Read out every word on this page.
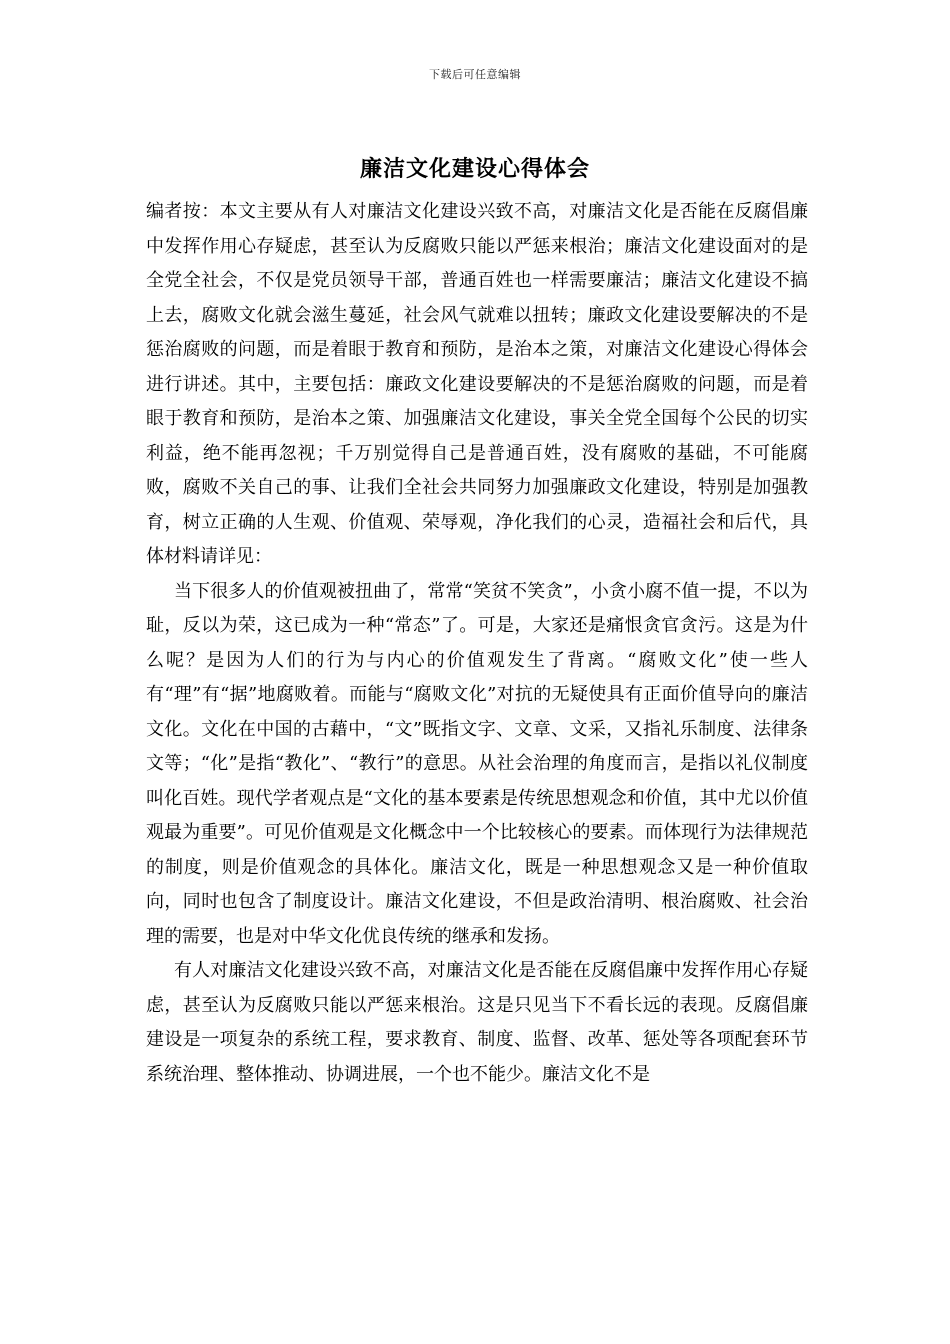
下载后可任意编辑
廉洁文化建设心得体会

编者按：本文主要从有人对廉洁文化建设兴致不高，对廉洁文化是否能在反腐倡廉中发挥作用心存疑虑，甚至认为反腐败只能以严惩来根治；廉洁文化建设面对的是全党全社会，不仅是党员领导干部，普通百姓也一样需要廉洁；廉洁文化建设不搞上去，腐败文化就会滋生蔓延，社会风气就难以扭转；廉政文化建设要解决的不是惩治腐败的问题，而是着眼于教育和预防，是治本之策，对廉洁文化建设心得体会进行讲述。其中，主要包括：廉政文化建设要解决的不是惩治腐败的问题，而是着眼于教育和预防，是治本之策、加强廉洁文化建设，事关全党全国每个公民的切实利益，绝不能再忽视；千万别觉得自己是普通百姓，没有腐败的基础，不可能腐败，腐败不关自己的事、让我们全社会共同努力加强廉政文化建设，特别是加强教育，树立正确的人生观、价值观、荣辱观，净化我们的心灵，造福社会和后代，具体材料请详见：

当下很多人的价值观被扭曲了，常常“笑贫不笑贪”，小贪小腐不值一提，不以为耻，反以为荣，这已成为一种“常态”了。可是，大家还是痛恨贪官贪污。这是为什么呢？是因为人们的行为与内心的价值观发生了背离。“腐败文化”使一些人有“理”有“据”地腐败着。而能与“腐败文化”对抗的无疑使具有正面价值导向的廉洁文化。文化在中国的古藉中，“文”既指文字、文章、文采，又指礼乐制度、法律条文等；“化”是指“教化”、“教行”的意思。从社会治理的角度而言，是指以礼仪制度叫化百姓。现代学者观点是“文化的基本要素是传统思想观念和价值，其中尤以价值观最为重要”。可见价值观是文化概念中一个比较核心的要素。而体现行为法律规范的制度，则是价值观念的具体化。廉洁文化，既是一种思想观念又是一种价值取向，同时也包含了制度设计。廉洁文化建设，不但是政治清明、根治腐败、社会治理的需要，也是对中华文化优良传统的继承和发扬。

有人对廉洁文化建设兴致不高，对廉洁文化是否能在反腐倡廉中发挥作用心存疑虑，甚至认为反腐败只能以严惩来根治。这是只见当下不看长远的表现。反腐倡廉建设是一项复杂的系统工程，要求教育、制度、监督、改革、惩处等各项配套环节系统治理、整体推动、协调进展，一个也不能少。廉洁文化不是
